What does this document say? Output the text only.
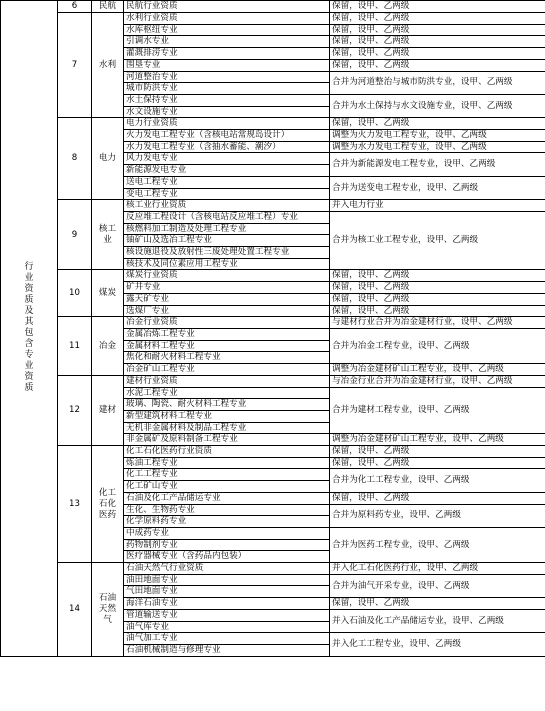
行业资质及其包含专业资质	6	民航	民航行业资质	保留，设甲、乙两级
	7	水利	水利行业资质	保留，设甲、乙两级
			水库枢纽专业	保留，设甲、乙两级
			引调水专业	保留，设甲、乙两级
			灌溉排涝专业	保留，设甲、乙两级
			围垦专业	保留，设甲、乙两级
			河道整治专业	合并为河道整治与城市防洪专业，设甲、乙两级
			城市防洪专业	
			水土保持专业	合并为水土保持与水文设施专业，设甲、乙两级
			水文设施专业	
	8	电力	电力行业资质	保留，设甲、乙两级
			火力发电工程专业（含核电站常规岛设计）	调整为火力发电工程专业，设甲、乙两级
			水力发电工程专业（含抽水蓄能、潮汐）	调整为水力发电工程专业，设甲、乙两级
			风力发电专业	合并为新能源发电工程专业，设甲、乙两级
			新能源发电专业	
			送电工程专业	合并为送变电工程专业，设甲、乙两级
			变电工程专业	
	9	核工业	核工业行业资质	并入电力行业
			反应堆工程设计（含核电站反应堆工程）专业	合并为核工业工程专业，设甲、乙两级
			核燃料加工制造及处理工程专业	
			铀矿山及选冶工程专业	
			核设施退役及放射性三废处理处置工程专业	
			核技术及同位素应用工程专业	
	10	煤炭	煤炭行业资质	保留，设甲、乙两级
			矿井专业	保留，设甲、乙两级
			露天矿专业	保留，设甲、乙两级
			选煤厂专业	保留，设甲、乙两级
	11	冶金	冶金行业资质	与建材行业合并为冶金建材行业，设甲、乙两级
			金属冶炼工程专业	合并为冶金工程专业，设甲、乙两级
			金属材料工程专业	
			焦化和耐火材料工程专业	
			冶金矿山工程专业	调整为冶金建材矿山工程专业，设甲、乙两级
	12	建材	建材行业资质	与冶金行业合并为冶金建材行业，设甲、乙两级
			水泥工程专业	合并为建材工程专业，设甲、乙两级
			玻璃、陶瓷、耐火材料工程专业	
			新型建筑材料工程专业	
			无机非金属材料及制品工程专业	
			非金属矿及原料制备工程专业	调整为冶金建材矿山工程专业，设甲、乙两级
	13	化工石化医药	化工石化医药行业资质	保留，设甲、乙两级
			炼油工程专业	保留，设甲、乙两级
			化工工程专业	合并为化工工程专业，设甲、乙两级
			化工矿山专业	
			石油及化工产品储运专业	保留，设甲、乙两级
			生化、生物药专业	合并为原料药专业，设甲、乙两级
			化学原料药专业	
			中成药专业	合并为医药工程专业，设甲、乙两级
			药物制剂专业	
			医疗器械专业（含药品内包装）	
	14	石油天然气	石油天然气行业资质	并入化工石化医药行业，设甲、乙两级
			油田地面专业	合并为油气开采专业，设甲、乙两级
			气田地面专业	
			海洋石油专业	保留，设甲、乙两级
			管道输送专业	并入石油及化工产品储运专业，设甲、乙两级
			油气库专业	
			油气加工专业	并入化工工程专业，设甲、乙两级
			石油机械制造与修理专业	
